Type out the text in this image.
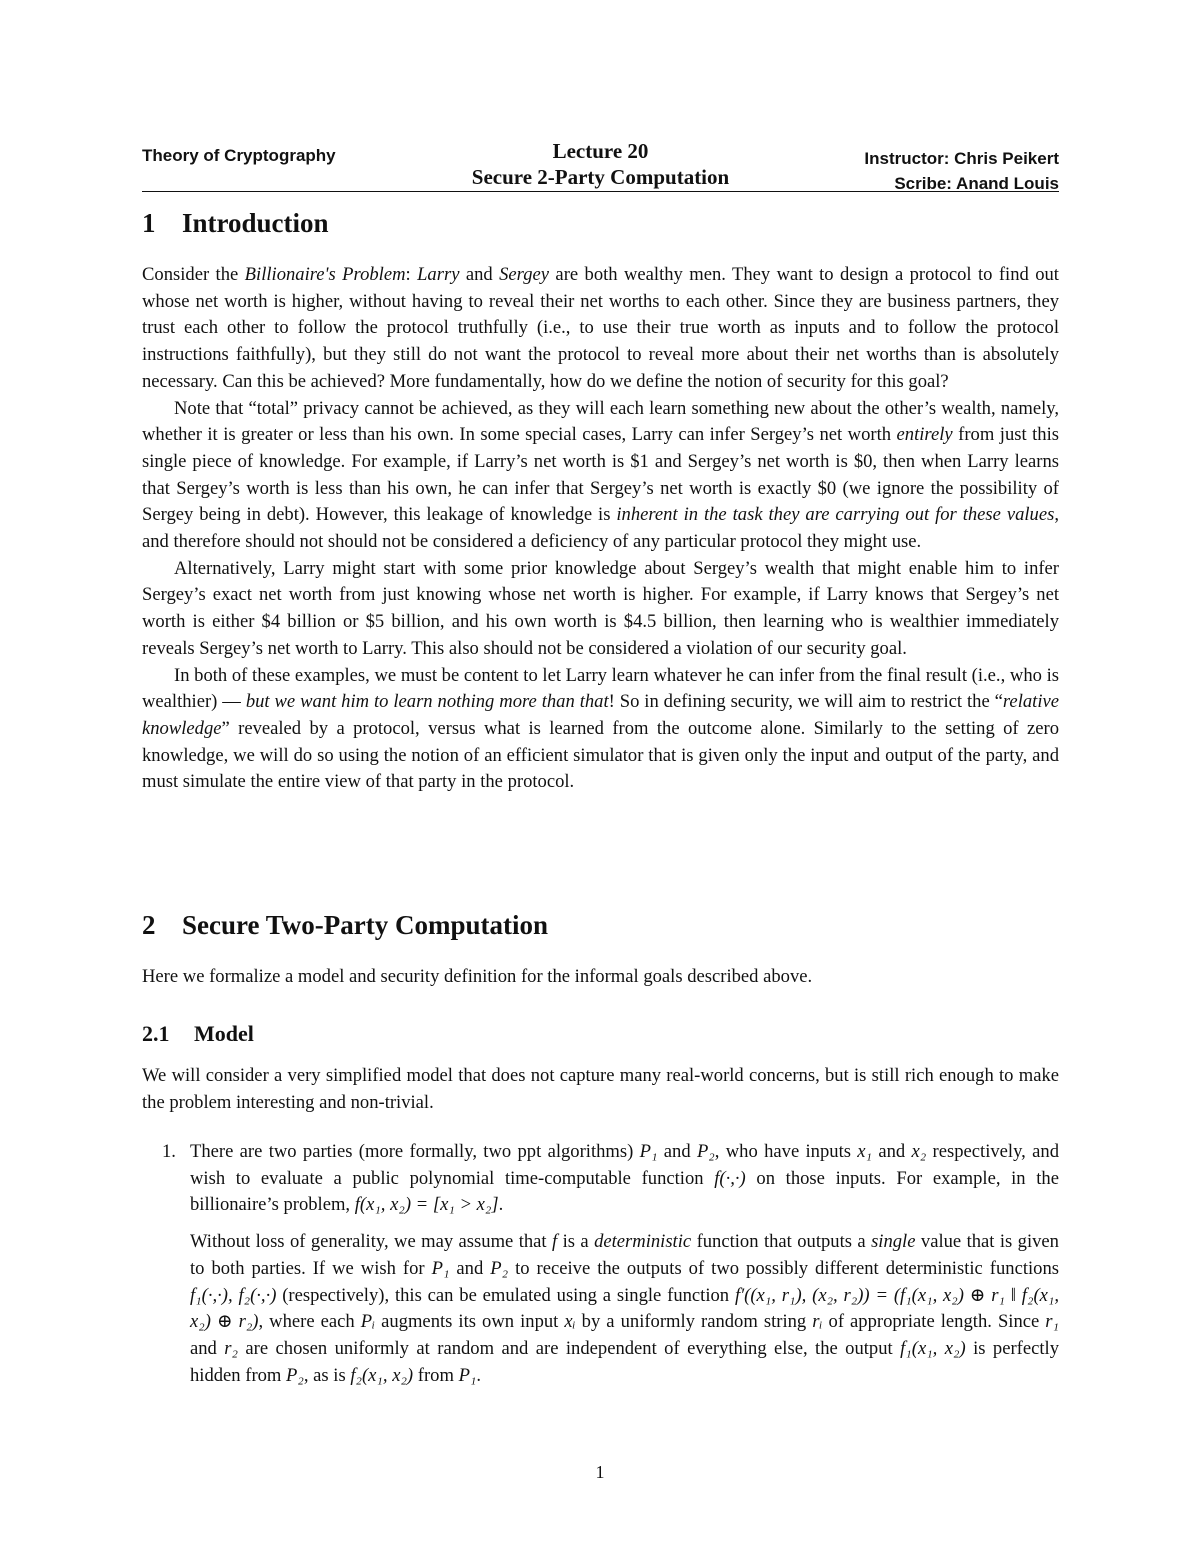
Theory of Cryptography	Lecture 20
Secure 2-Party Computation
Instructor: Chris Peikert
Scribe: Anand Louis
1 Introduction

Consider the Billionaire's Problem: Larry and Sergey are both wealthy men. They want to design a protocol to find out whose net worth is higher, without having to reveal their net worths to each other. Since they are business partners, they trust each other to follow the protocol truthfully (i.e., to use their true worth as inputs and to follow the protocol instructions faithfully), but they still do not want the protocol to reveal more about their net worths than is absolutely necessary. Can this be achieved? More fundamentally, how do we define the notion of security for this goal?

Note that “total” privacy cannot be achieved, as they will each learn something new about the other’s wealth, namely, whether it is greater or less than his own. In some special cases, Larry can infer Sergey’s net worth entirely from just this single piece of knowledge. For example, if Larry’s net worth is $1 and Sergey’s net worth is $0, then when Larry learns that Sergey’s worth is less than his own, he can infer that Sergey’s net worth is exactly $0 (we ignore the possibility of Sergey being in debt). However, this leakage of knowledge is inherent in the task they are carrying out for these values, and therefore should not should not be considered a deficiency of any particular protocol they might use.

Alternatively, Larry might start with some prior knowledge about Sergey’s wealth that might enable him to infer Sergey’s exact net worth from just knowing whose net worth is higher. For example, if Larry knows that Sergey’s net worth is either $4 billion or $5 billion, and his own worth is $4.5 billion, then learning who is wealthier immediately reveals Sergey’s net worth to Larry. This also should not be considered a violation of our security goal.

In both of these examples, we must be content to let Larry learn whatever he can infer from the final result (i.e., who is wealthier) — but we want him to learn nothing more than that! So in defining security, we will aim to restrict the “relative knowledge” revealed by a protocol, versus what is learned from the outcome alone. Similarly to the setting of zero knowledge, we will do so using the notion of an efficient simulator that is given only the input and output of the party, and must simulate the entire view of that party in the protocol.

2 Secure Two-Party Computation

Here we formalize a model and security definition for the informal goals described above.

2.1 Model

We will consider a very simplified model that does not capture many real-world concerns, but is still rich enough to make the problem interesting and non-trivial.

1. There are two parties (more formally, two ppt algorithms) P₁ and P₂, who have inputs x₁ and x₂ respectively, and wish to evaluate a public polynomial time-computable function f(·,·) on those inputs. For example, in the billionaire’s problem, f(x₁, x₂) = [x₁ > x₂].

Without loss of generality, we may assume that f is a deterministic function that outputs a single value that is given to both parties. If we wish for P₁ and P₂ to receive the outputs of two possibly different deterministic functions f₁(·,·), f₂(·,·) (respectively), this can be emulated using a single function f′((x₁, r₁), (x₂, r₂)) = (f₁(x₁, x₂) ⊕ r₁ ‖ f₂(x₁, x₂) ⊕ r₂), where each Pᵢ augments its own input xᵢ by a uniformly random string rᵢ of appropriate length. Since r₁ and r₂ are chosen uniformly at random and are independent of everything else, the output f₁(x₁, x₂) is perfectly hidden from P₂, as is f₂(x₁, x₂) from P₁.

1
